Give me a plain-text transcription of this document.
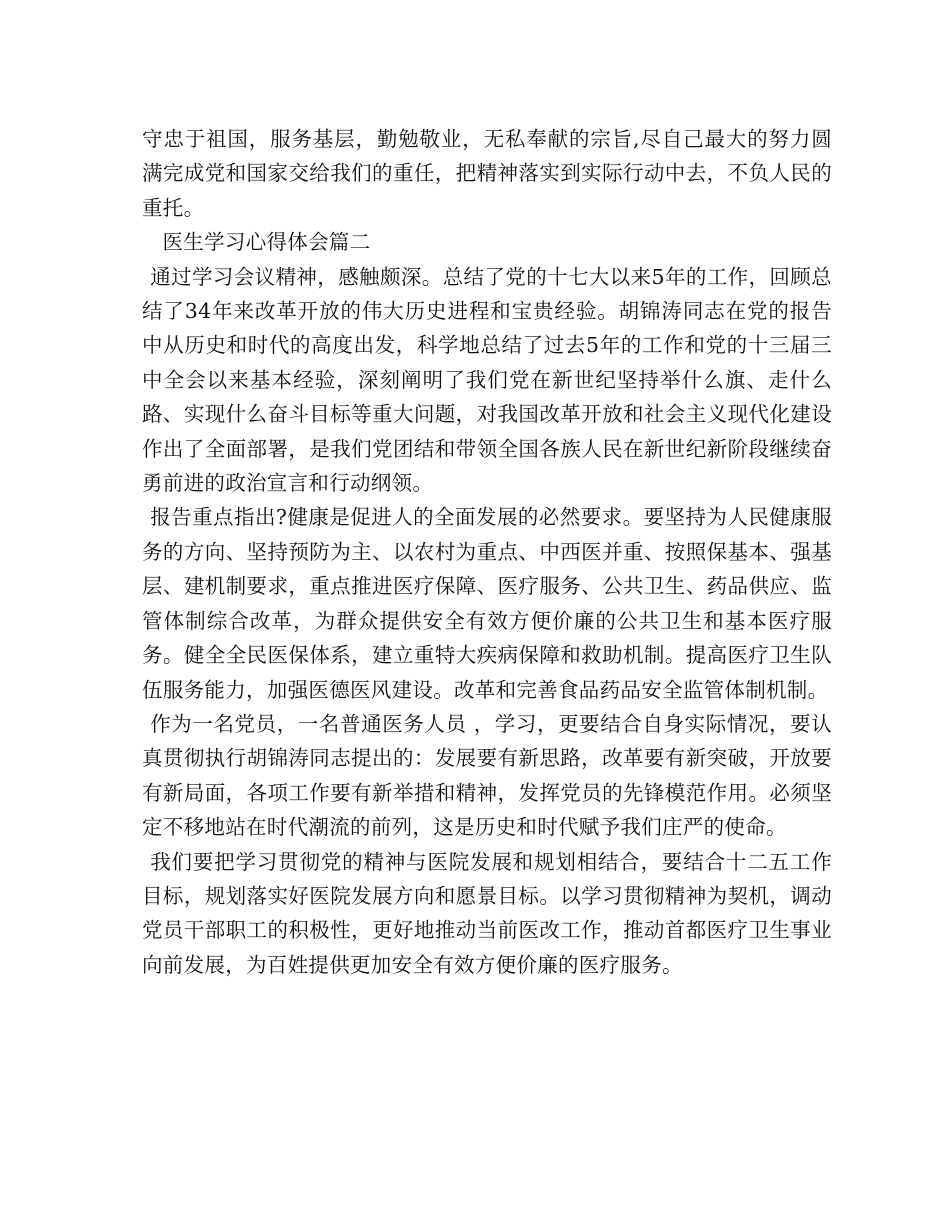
守忠于祖国，服务基层，勤勉敬业，无私奉献的宗旨,尽自己最大的努力圆满完成党和国家交给我们的重任，把精神落实到实际行动中去，不负人民的重托。

医生学习心得体会篇二

通过学习会议精神，感触颇深。总结了党的十七大以来5年的工作，回顾总结了34年来改革开放的伟大历史进程和宝贵经验。胡锦涛同志在党的报告中从历史和时代的高度出发，科学地总结了过去5年的工作和党的十三届三中全会以来基本经验，深刻阐明了我们党在新世纪坚持举什么旗、走什么路、实现什么奋斗目标等重大问题，对我国改革开放和社会主义现代化建设作出了全面部署，是我们党团结和带领全国各族人民在新世纪新阶段继续奋勇前进的政治宣言和行动纲领。

报告重点指出?健康是促进人的全面发展的必然要求。要坚持为人民健康服务的方向、坚持预防为主、以农村为重点、中西医并重、按照保基本、强基层、建机制要求，重点推进医疗保障、医疗服务、公共卫生、药品供应、监管体制综合改革，为群众提供安全有效方便价廉的公共卫生和基本医疗服务。健全全民医保体系，建立重特大疾病保障和救助机制。提高医疗卫生队伍服务能力，加强医德医风建设。改革和完善食品药品安全监管体制机制。

作为一名党员，一名普通医务人员 ，学习，更要结合自身实际情况，要认真贯彻执行胡锦涛同志提出的：发展要有新思路，改革要有新突破，开放要有新局面，各项工作要有新举措和精神，发挥党员的先锋模范作用。必须坚定不移地站在时代潮流的前列，这是历史和时代赋予我们庄严的使命。

我们要把学习贯彻党的精神与医院发展和规划相结合，要结合十二五工作目标，规划落实好医院发展方向和愿景目标。以学习贯彻精神为契机，调动党员干部职工的积极性，更好地推动当前医改工作，推动首都医疗卫生事业向前发展，为百姓提供更加安全有效方便价廉的医疗服务。
